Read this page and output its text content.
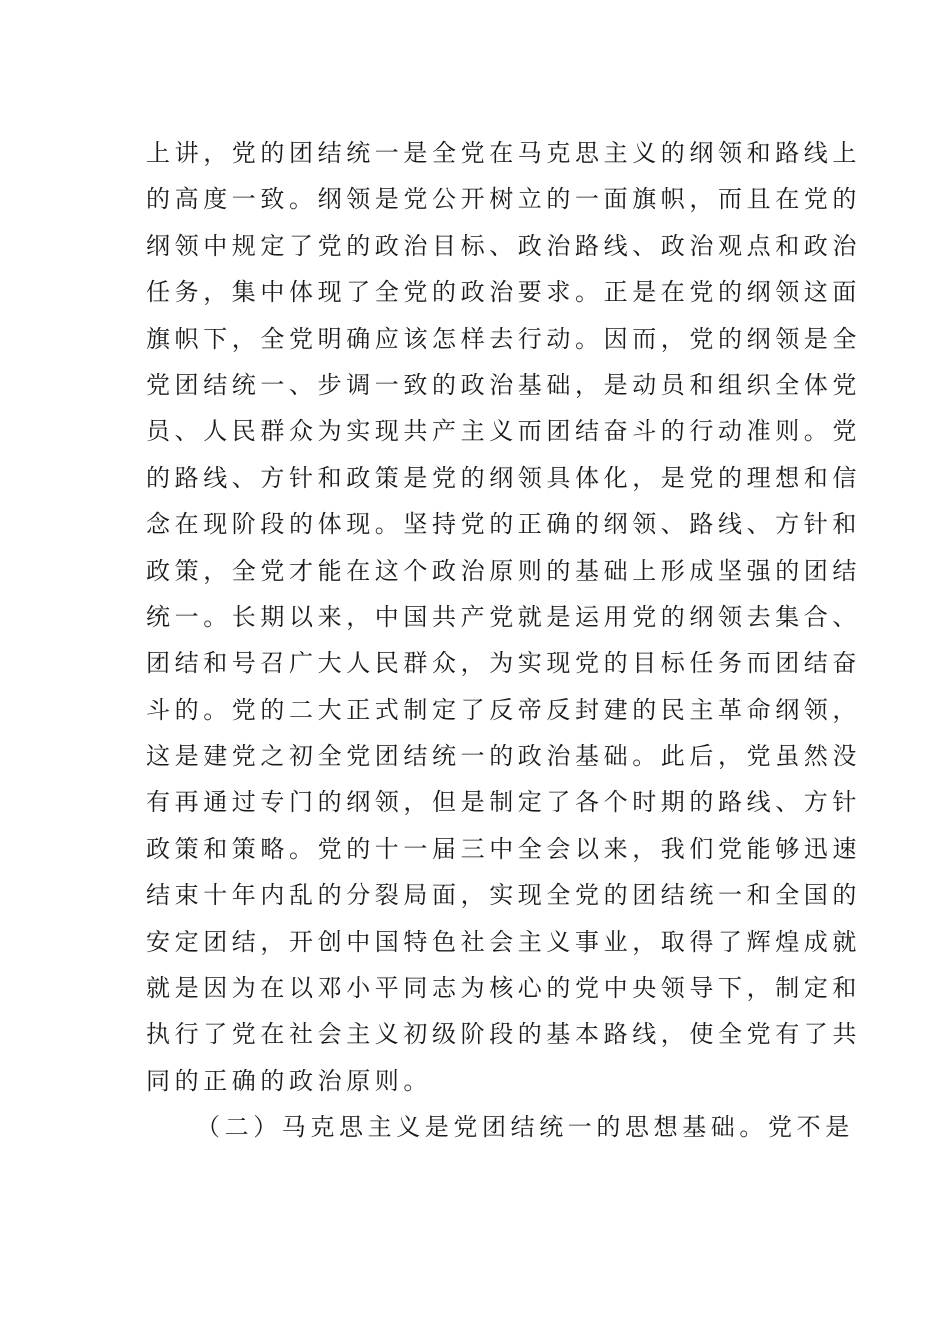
上讲，党的团结统一是全党在马克思主义的纲领和路线上
的高度一致。纲领是党公开树立的一面旗帜，而且在党的
纲领中规定了党的政治目标、政治路线、政治观点和政治
任务，集中体现了全党的政治要求。正是在党的纲领这面
旗帜下，全党明确应该怎样去行动。因而，党的纲领是全
党团结统一、步调一致的政治基础，是动员和组织全体党
员、人民群众为实现共产主义而团结奋斗的行动准则。党
的路线、方针和政策是党的纲领具体化，是党的理想和信
念在现阶段的体现。坚持党的正确的纲领、路线、方针和
政策，全党才能在这个政治原则的基础上形成坚强的团结
统一。长期以来，中国共产党就是运用党的纲领去集合、
团结和号召广大人民群众，为实现党的目标任务而团结奋
斗的。党的二大正式制定了反帝反封建的民主革命纲领，
这是建党之初全党团结统一的政治基础。此后，党虽然没
有再通过专门的纲领，但是制定了各个时期的路线、方针
政策和策略。党的十一届三中全会以来，我们党能够迅速
结束十年内乱的分裂局面，实现全党的团结统一和全国的
安定团结，开创中国特色社会主义事业，取得了辉煌成就
就是因为在以邓小平同志为核心的党中央领导下，制定和
执行了党在社会主义初级阶段的基本路线，使全党有了共
同的正确的政治原则。
（二）马克思主义是党团结统一的思想基础。党不是
